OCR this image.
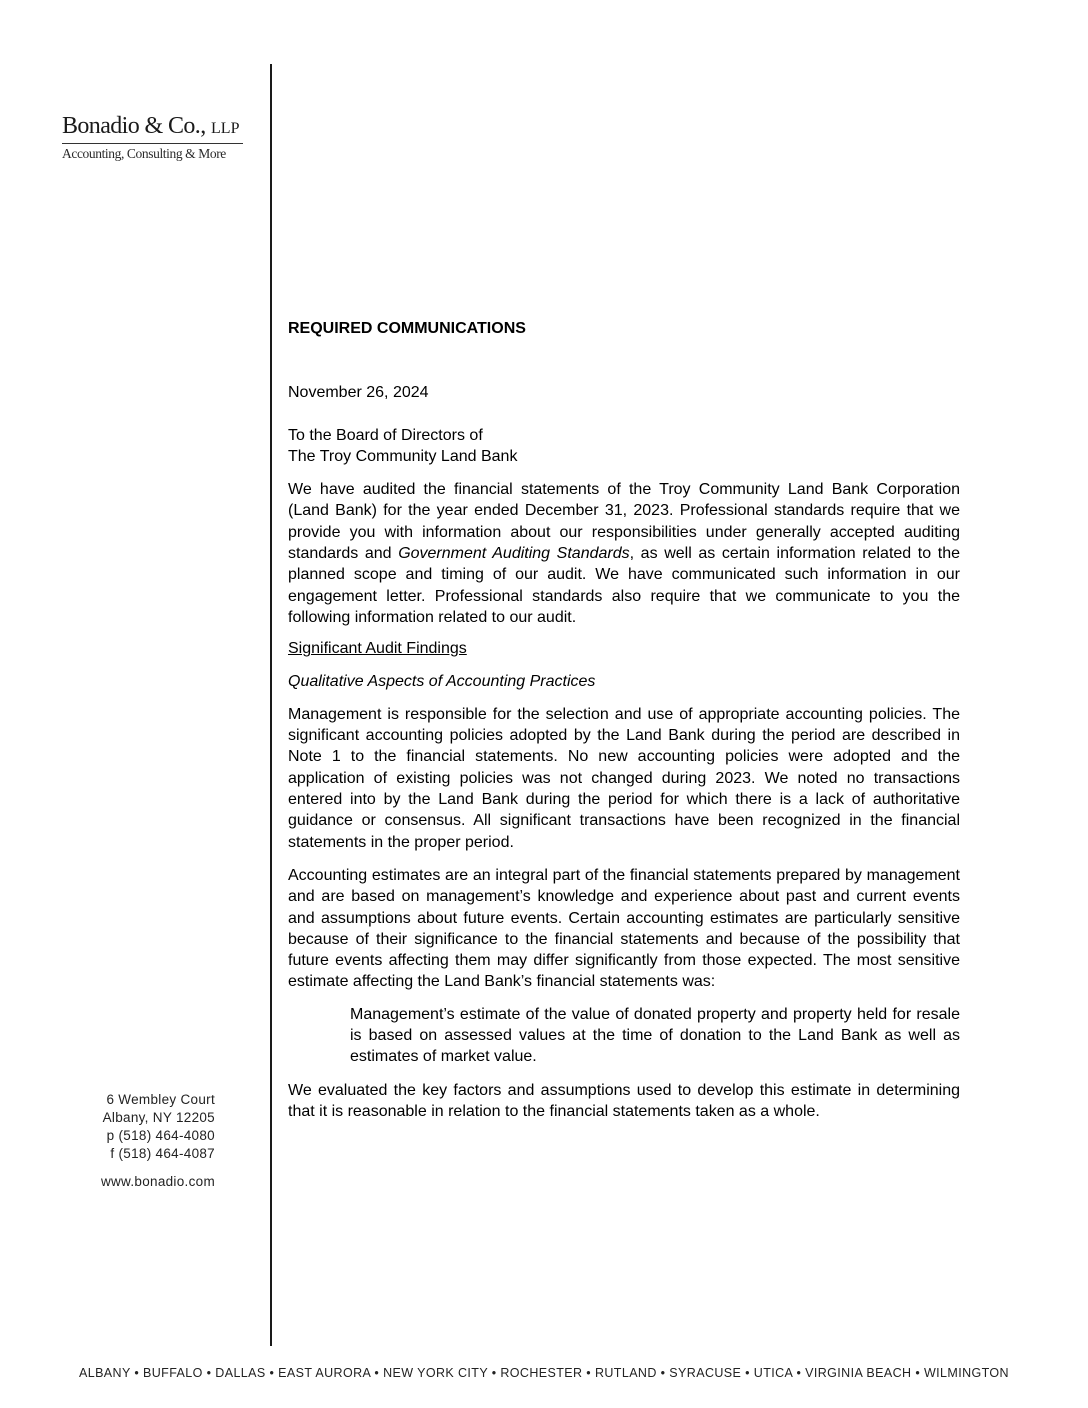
Bonadio & Co., LLP
Accounting, Consulting & More
6 Wembley Court
Albany, NY 12205
p (518) 464-4080
f (518) 464-4087
www.bonadio.com

REQUIRED COMMUNICATIONS

November 26, 2024

To the Board of Directors of
The Troy Community Land Bank

We have audited the financial statements of the Troy Community Land Bank Corporation (Land Bank) for the year ended December 31, 2023. Professional standards require that we provide you with information about our responsibilities under generally accepted auditing standards and Government Auditing Standards, as well as certain information related to the planned scope and timing of our audit. We have communicated such information in our engagement letter. Professional standards also require that we communicate to you the following information related to our audit.

Significant Audit Findings

Qualitative Aspects of Accounting Practices

Management is responsible for the selection and use of appropriate accounting policies. The significant accounting policies adopted by the Land Bank during the period are described in Note 1 to the financial statements. No new accounting policies were adopted and the application of existing policies was not changed during 2023. We noted no transactions entered into by the Land Bank during the period for which there is a lack of authoritative guidance or consensus. All significant transactions have been recognized in the financial statements in the proper period.

Accounting estimates are an integral part of the financial statements prepared by management and are based on management’s knowledge and experience about past and current events and assumptions about future events. Certain accounting estimates are particularly sensitive because of their significance to the financial statements and because of the possibility that future events affecting them may differ significantly from those expected. The most sensitive estimate affecting the Land Bank’s financial statements was:

Management’s estimate of the value of donated property and property held for resale is based on assessed values at the time of donation to the Land Bank as well as estimates of market value.

We evaluated the key factors and assumptions used to develop this estimate in determining that it is reasonable in relation to the financial statements taken as a whole.

ALBANY • BUFFALO • DALLAS • EAST AURORA • NEW YORK CITY • ROCHESTER • RUTLAND • SYRACUSE • UTICA • VIRGINIA BEACH • WILMINGTON
